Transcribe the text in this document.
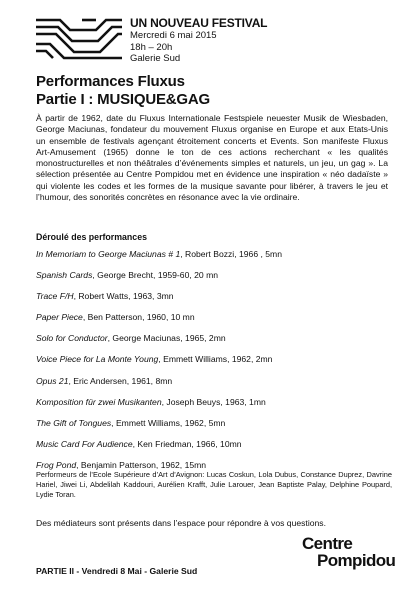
UN NOUVEAU FESTIVAL
Mercredi 6 mai 2015
18h – 20h
Galerie Sud
Performances Fluxus
Partie I : MUSIQUE&GAG

À partir de 1962, date du Fluxus Internationale Festspiele neuester Musik de Wiesbaden, George Maciunas, fondateur du mouvement Fluxus organise en Europe et aux Etats-Unis un ensemble de festivals agençant étroitement concerts et Events. Son manifeste Fluxus Art-Amusement (1965) donne le ton de ces actions recherchant « les qualités monostructurelles et non théâtrales d’événements simples et naturels, un jeu, un gag ». La sélection présentée au Centre Pompidou met en évidence une inspiration « néo dadaïste » qui violente les codes et les formes de la musique savante pour libérer, à travers le jeu et l’humour, des sonorités concrètes en résonance avec la vie ordinaire.

Déroulé des performances
In Memoriam to George Maciunas # 1, Robert Bozzi, 1966 , 5mn
Spanish Cards, George Brecht, 1959-60, 20 mn
Trace F/H, Robert Watts, 1963, 3mn
Paper Piece, Ben Patterson, 1960, 10 mn
Solo for Conductor, George Maciunas, 1965, 2mn
Voice Piece for La Monte Young, Emmett Williams, 1962, 2mn
Opus 21, Eric Andersen, 1961, 8mn
Komposition für zwei Musikanten, Joseph Beuys, 1963, 1mn
The Gift of Tongues, Emmett Williams, 1962, 5mn
Music Card For Audience, Ken Friedman, 1966, 10mn
Frog Pond, Benjamin Patterson, 1962, 15mn

Performeurs de l’Ecole Supérieure d’Art d’Avignon: Lucas Coskun, Lola Dubus, Constance Duprez, Davrine Hariel, Jiwei Li, Abdelilah Kaddouri, Aurélien Krafft, Julie Larouer, Jean Baptiste Palay, Delphine Poupard, Lydie Toran.

Des médiateurs sont présents dans l’espace pour répondre à vos questions.

PARTIE II - Vendredi 8 Mai - Galerie Sud
Centre
Pompidou
